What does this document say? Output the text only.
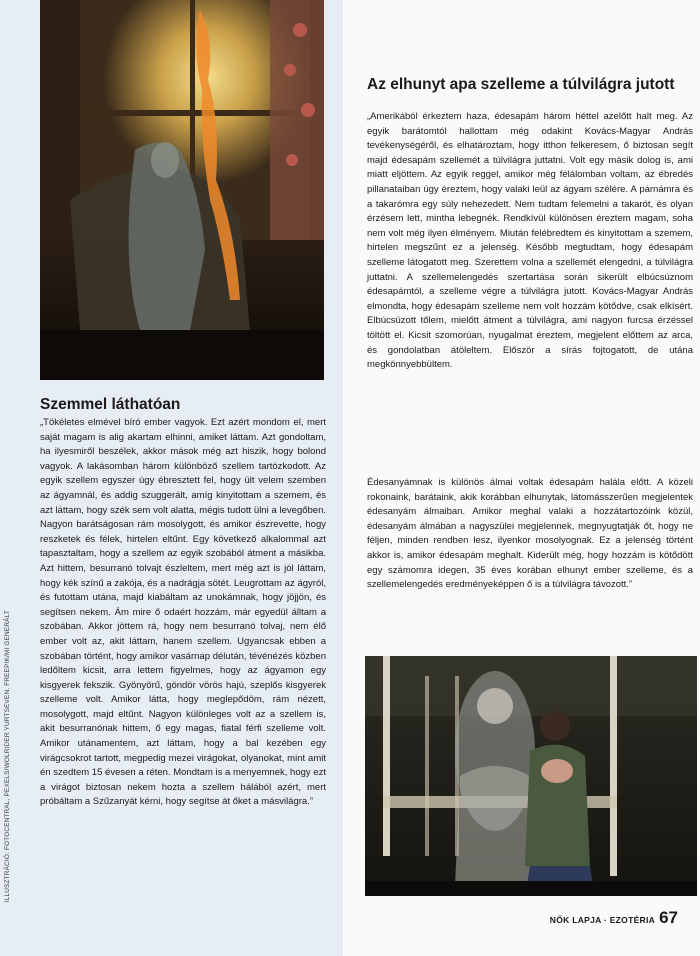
ILLUSZTRÁCIÓ: FOTOCENTRAL, PEXELS/WOLRIDER YURTSEVEN, FREEPIK/MI GENERÁLT
Szemmel láthatóan

„Tökéletes elmével bíró ember vagyok. Ezt azért mondom el, mert saját magam is alig akartam elhinni, amiket láttam. Azt gondoltam, ha ilyesmiről beszélek, akkor mások még azt hiszik, hogy bolond vagyok. A lakásomban három különböző szellem tartózkodott. Az egyik szellem egyszer úgy ébresztett fel, hogy ült velem szemben az ágyamnál, és addig szuggerált, amíg kinyitottam a szemem, és azt láttam, hogy szék sem volt alatta, mégis tudott ülni a levegőben. Nagyon barátságosan rám mosolygott, és amikor észrevette, hogy reszketek és félek, hirtelen eltűnt. Egy következő alkalommal azt tapasztaltam, hogy a szellem az egyik szobából átment a másikba. Azt hittem, besurranó tolvajt észleltem, mert még azt is jól láttam, hogy kék színű a zakója, és a nadrágja sötét. Leugrottam az ágyról, és futottam utána, majd kiabáltam az unokámnak, hogy jöjjön, és segítsen nekem. Ám mire ő odaért hozzám, már egyedül álltam a szobában. Akkor jöttem rá, hogy nem besurranó tolvaj, nem élő ember volt az, akit láttam, hanem szellem. Ugyancsak ebben a szobában történt, hogy amikor vasárnap délután, tévénézés közben ledőltem kicsit, arra lettem figyelmes, hogy az ágyamon egy kisgyerek fekszik. Gyönyörű, göndör vörös hajú, szeplős kisgyerek szelleme volt. Amikor látta, hogy meglepődöm, rám nézett, mosolygott, majd eltűnt. Nagyon különleges volt az a szellem is, akit besurranónak hittem, ő egy magas, fiatal férfi szelleme volt. Amikor utánamentem, azt láttam, hogy a bal kezében egy virágcsokrot tartott, megpedig mezei virágokat, olyanokat, mint amit én szedtem 15 évesen a réten. Mondtam is a menyemnek, hogy ezt a virágot biztosan nekem hozta a szellem hálából azért, mert próbáltam a Szűzanyát kérni, hogy segítse át őket a másvilágra.”

Az elhunyt apa szelleme a túlvilágra jutott

„Amerikából érkeztem haza, édesapám három héttel azelőtt halt meg. Az egyik barátomtól hallottam még odakint Kovács-Magyar András tevékenységéről, és elhatároztam, hogy itthon felkeresem, ő biztosan segít majd édesapám szellemét a túlvilágra juttatni. Volt egy másik dolog is, ami miatt eljöttem. Az egyik reggel, amikor még félálomban voltam, az ébredés pillanataiban úgy éreztem, hogy valaki leül az ágyam szélére. A párnámra és a takarómra egy súly nehezedett. Nem tudtam felemelni a takarót, és olyan érzésem lett, mintha lebegnék. Rendkívül különösen éreztem magam, soha nem volt még ilyen élményem. Miután felébredtem és kinyitottam a szemem, hirtelen megszűnt ez a jelenség. Később megtudtam, hogy édesapám szelleme látogatott meg. Szerettem volna a szellemét elengedni, a túlvilágra juttatni. A szellemelengedés szertartása során sikerült elbúcsúznom édesapámtól, a szelleme végre a túlvilágra jutott. Kovács-Magyar András elmondta, hogy édesapám szelleme nem volt hozzám kötődve, csak elkísért. Elbúcsúzott tőlem, mielőtt átment a túlvilágra, ami nagyon furcsa érzéssel töltött el. Kicsit szomorúan, nyugalmat éreztem, megjelent előttem az arca, és gondolatban átöleltem. Először a sírás fojtogatott, de utána megkönnyebbültem.

Édesanyámnak is különös álmai voltak édesapám halála előtt. A közeli rokonaink, barátaink, akik korábban elhunytak, látomásszerűen megjelentek édesanyám álmaiban. Amikor meghal valaki a hozzátartozóink közül, édesanyám álmában a nagyszülei megjelennek, megnyugtatják őt, hogy ne féljen, minden rendben lesz, ilyenkor mosolyognak. Ez a jelenség történt akkor is, amikor édesapám meghalt. Kiderült még, hogy hozzám is kötődött egy számomra idegen, 35 éves korában elhunyt ember szelleme, és a szellemelengedés eredményeképpen ő is a túlvilágra távozott.”

NŐK LAPJA · EZOTÉRIA 67
